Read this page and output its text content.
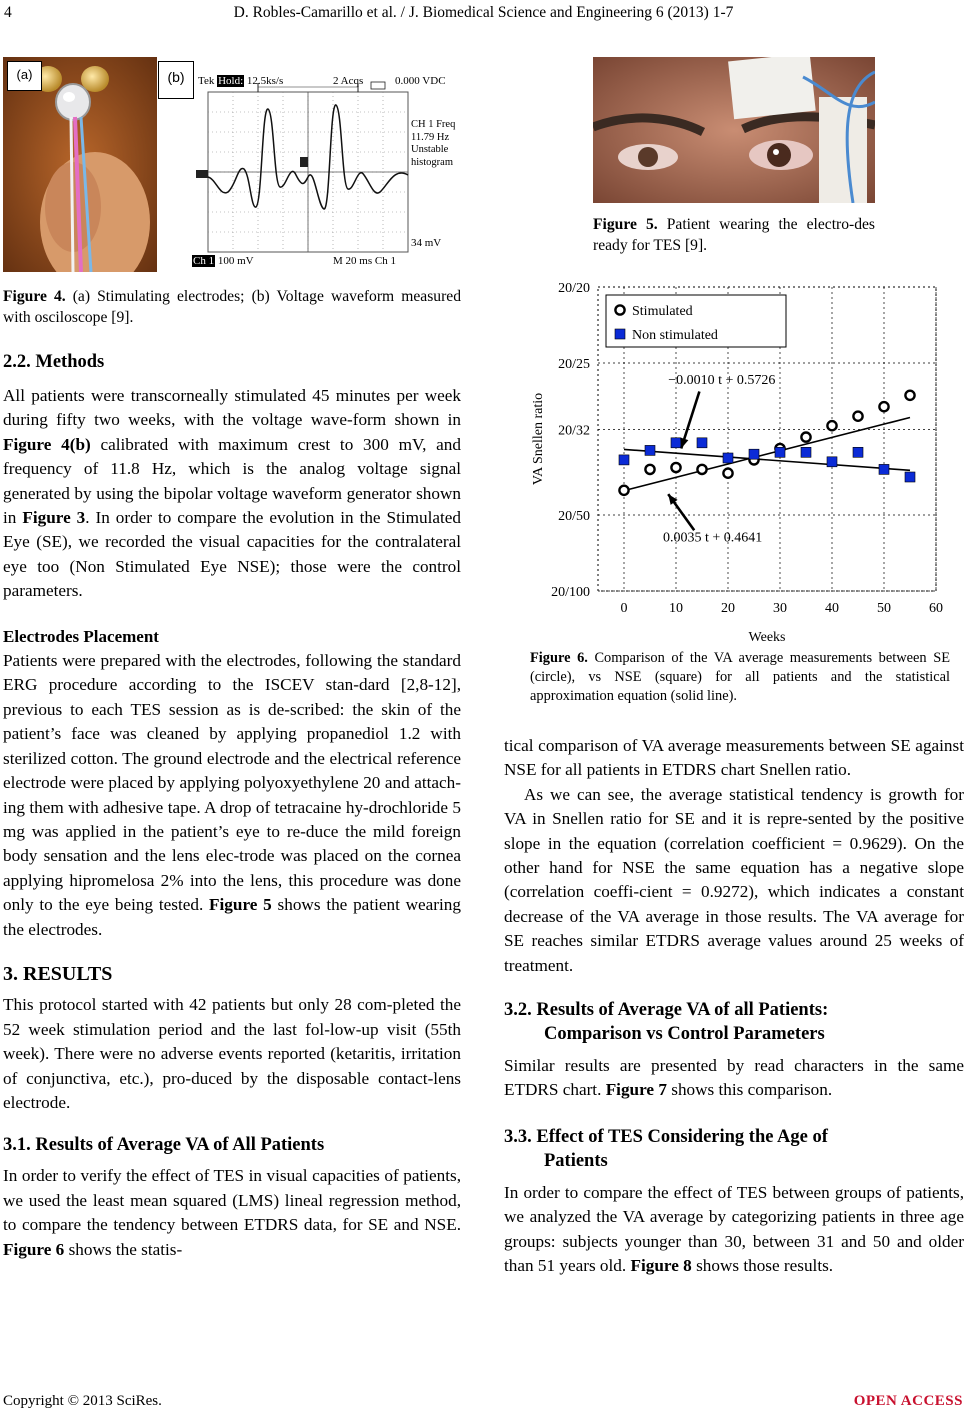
4	D. Robles-Camarillo et al. / J. Biomedical Science and Engineering 6 (2013) 1-7
(a)	(b)	Tek Hold: 12.5ks/s	2 Acqs	0.000 VDC
CH 1 Freq
11.79 Hz
Unstable
histogram
34 mV
Ch 1 100 mV	M 20 ms Ch 1
Figure 4. (a) Stimulating electrodes; (b) Voltage waveform measured with osciloscope [9].
2.2. Methods

All patients were transcorneally stimulated 45 minutes per week during fifty two weeks, with the voltage wave-form shown in Figure 4(b) calibrated with maximum crest to 300 mV, and frequency of 11.8 Hz, which is the analog voltage signal generated by using the bipolar voltage waveform generator shown in Figure 3. In order to compare the evolution in the Stimulated Eye (SE), we recorded the visual capacities for the contralateral eye too (Non Stimulated Eye NSE); those were the control parameters.

Electrodes Placement

Patients were prepared with the electrodes, following the standard ERG procedure according to the ISCEV stan-dard [2,8-12], previous to each TES session as is de-scribed: the skin of the patient’s face was cleaned by applying propanediol 1.2 with sterilized cotton. The ground electrode and the electrical reference electrode were placed by applying polyoxyethylene 20 and attach-ing them with adhesive tape. A drop of tetracaine hy-drochloride 5 mg was applied in the patient’s eye to re-duce the mild foreign body sensation and the lens elec-trode was placed on the cornea applying hipromelosa 2% into the lens, this procedure was done only to the eye being tested. Figure 5 shows the patient wearing the electrodes.

3. RESULTS

This protocol started with 42 patients but only 28 com-pleted the 52 week stimulation period and the last fol-low-up visit (55th week). There were no adverse events reported (ketaritis, irritation of conjunctiva, etc.), pro-duced by the disposable contact-lens electrode.

3.1. Results of Average VA of All Patients

In order to verify the effect of TES in visual capacities of patients, we used the least mean squared (LMS) lineal regression method, to compare the tendency between ETDRS data, for SE and NSE. Figure 6 shows the statis-

Figure 5. Patient wearing the electro-des ready for TES [9].
20/20
20/25
20/32
20/50
20/100
0	10	20	30	40	50	60
Weeks
VA Snellen ratio
Stimulated
Non stimulated
−0.0010 t + 0.5726
0.0035 t + 0.4641
Figure 6. Comparison of the VA average measurements between SE (circle), vs NSE (square) for all patients and the statistical approximation equation (solid line).

tical comparison of VA average measurements between SE against NSE for all patients in ETDRS chart Snellen ratio.

As we can see, the average statistical tendency is growth for VA in Snellen ratio for SE and it is repre-sented by the positive slope in the equation (correlation coefficient = 0.9629). On the other hand for NSE the same equation has a negative slope (correlation coeffi-cient = 0.9272), which indicates a constant decrease of the VA average in those results. The VA average for SE reaches similar ETDRS average values around 25 weeks of treatment.

3.2. Results of Average VA of all Patients:
Comparison vs Control Parameters

Similar results are presented by read characters in the same ETDRS chart. Figure 7 shows this comparison.

3.3. Effect of TES Considering the Age of
Patients

In order to compare the effect of TES between groups of patients, we analyzed the VA average by categorizing patients in three age groups: subjects younger than 30, between 31 and 50 and older than 51 years old. Figure 8 shows those results.

Copyright © 2013 SciRes.	OPEN ACCESS
